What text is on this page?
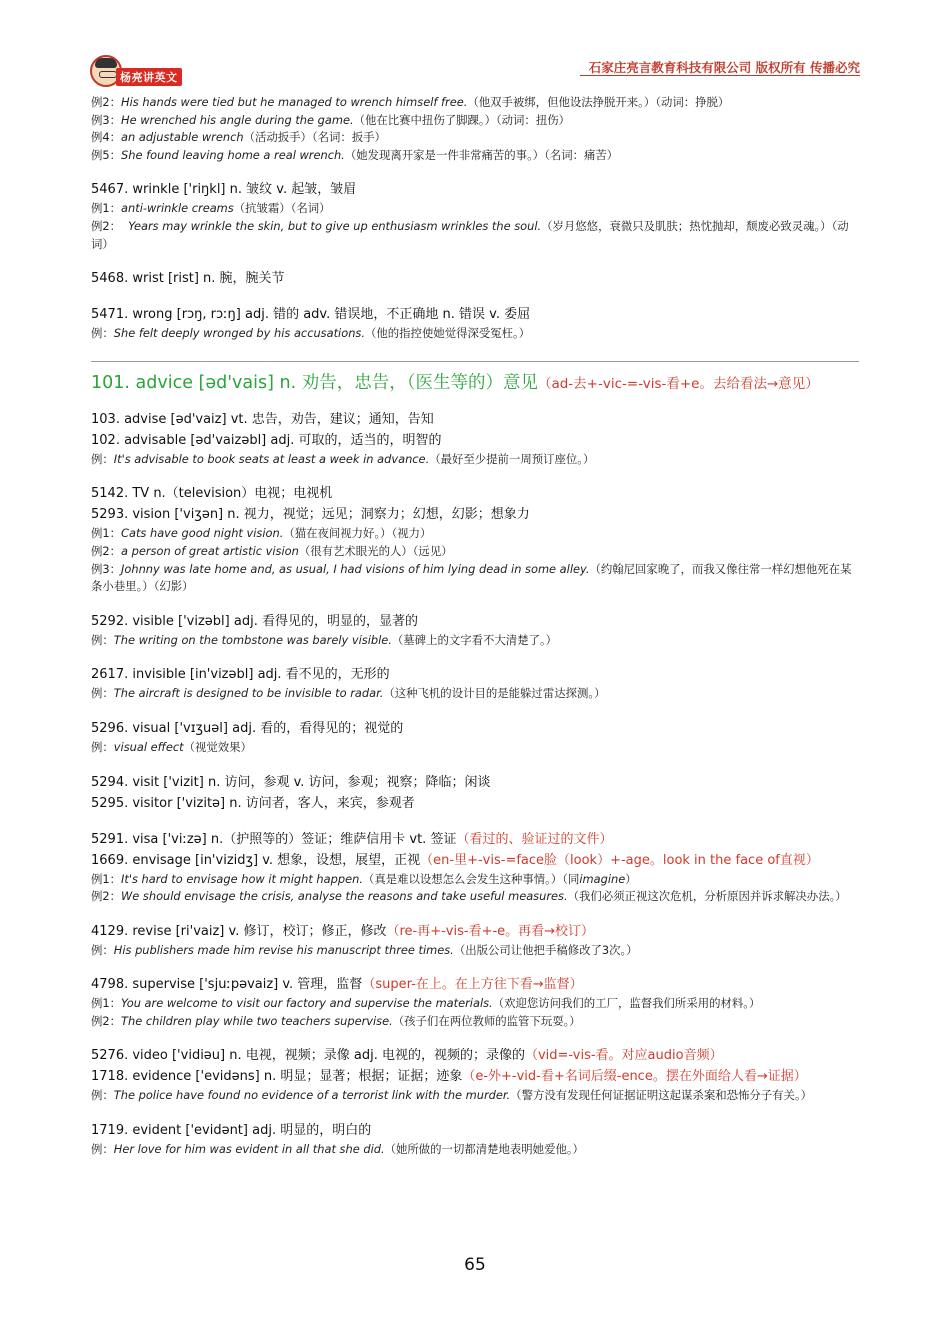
杨亮讲英文
石家庄亮言教育科技有限公司 版权所有 传播必究
例2：His hands were tied but he managed to wrench himself free.（他双手被绑，但他设法挣脱开来。）（动词：挣脱）
例3：He wrenched his angle during the game.（他在比赛中扭伤了脚踝。）（动词：扭伤）
例4：an adjustable wrench（活动扳手）（名词：扳手）
例5：She found leaving home a real wrench.（她发现离开家是一件非常痛苦的事。）（名词：痛苦）
5467. wrinkle ['riŋkl] n. 皱纹 v. 起皱，皱眉
例1：anti-wrinkle creams（抗皱霜）（名词）
例2：  Years may wrinkle the skin, but to give up enthusiasm wrinkles the soul.（岁月悠悠，衰微只及肌肤；热忱抛却，颓废必致灵魂。）（动词）
5468. wrist [rist] n. 腕，腕关节
5471. wrong [rɔŋ, rɔːŋ] adj. 错的 adv. 错误地，不正确地 n. 错误 v. 委屈
例：She felt deeply wronged by his accusations.（他的指控使她觉得深受冤枉。）
101. advice [əd'vais] n. 劝告，忠告，（医生等的）意见（ad-去+-vic-=-vis-看+e。去给看法→意见）
103. advise [əd'vaiz] vt. 忠告，劝告，建议；通知，告知
102. advisable [əd'vaizəbl] adj. 可取的，适当的，明智的
例：It's advisable to book seats at least a week in advance.（最好至少提前一周预订座位。）
5142. TV n.（television）电视；电视机
5293. vision ['viʒən] n. 视力，视觉；远见；洞察力；幻想，幻影；想象力
例1：Cats have good night vision.（猫在夜间视力好。）（视力）
例2：a person of great artistic vision（很有艺术眼光的人）（远见）
例3：Johnny was late home and, as usual, I had visions of him lying dead in some alley.（约翰尼回家晚了，而我又像往常一样幻想他死在某条小巷里。）（幻影）
5292. visible ['vizəbl] adj. 看得见的，明显的，显著的
例：The writing on the tombstone was barely visible.（墓碑上的文字看不大清楚了。）
2617. invisible [in'vizəbl] adj. 看不见的，无形的
例：The aircraft is designed to be invisible to radar.（这种飞机的设计目的是能躲过雷达探测。）
5296. visual ['vɪʒuəl] adj. 看的，看得见的；视觉的
例：visual effect（视觉效果）
5294. visit ['vizit] n. 访问，参观 v. 访问，参观；视察；降临；闲谈
5295. visitor ['vizitə] n. 访问者，客人，来宾，参观者
5291. visa ['viːzə] n.（护照等的）签证；维萨信用卡 vt. 签证（看过的、验证过的文件）
1669. envisage [in'vizidʒ] v. 想象，设想，展望，正视（en-里+-vis-=face脸（look）+-age。look in the face of直视）
例1：It's hard to envisage how it might happen.（真是难以设想怎么会发生这种事情。）（同imagine）
例2：We should envisage the crisis, analyse the reasons and take useful measures.（我们必须正视这次危机，分析原因并诉求解决办法。）
4129. revise [ri'vaiz] v. 修订，校订；修正，修改（re-再+-vis-看+-e。再看→校订）
例：His publishers made him revise his manuscript three times.（出版公司让他把手稿修改了3次。）
4798. supervise ['sjuːpəvaiz] v. 管理，监督（super-在上。在上方往下看→监督）
例1：You are welcome to visit our factory and supervise the materials.（欢迎您访问我们的工厂，监督我们所采用的材料。）
例2：The children play while two teachers supervise.（孩子们在两位教师的监管下玩耍。）
5276. video ['vidiəu] n. 电视，视频；录像 adj. 电视的，视频的；录像的（vid=-vis-看。对应audio音频）
1718. evidence ['evidəns] n. 明显；显著；根据；证据；迹象（e-外+-vid-看+名词后缀-ence。摆在外面给人看→证据）
例：The police have found no evidence of a terrorist link with the murder.（警方没有发现任何证据证明这起谋杀案和恐怖分子有关。）
1719. evident ['evidənt] adj. 明显的，明白的
例：Her love for him was evident in all that she did.（她所做的一切都清楚地表明她爱他。）
65
